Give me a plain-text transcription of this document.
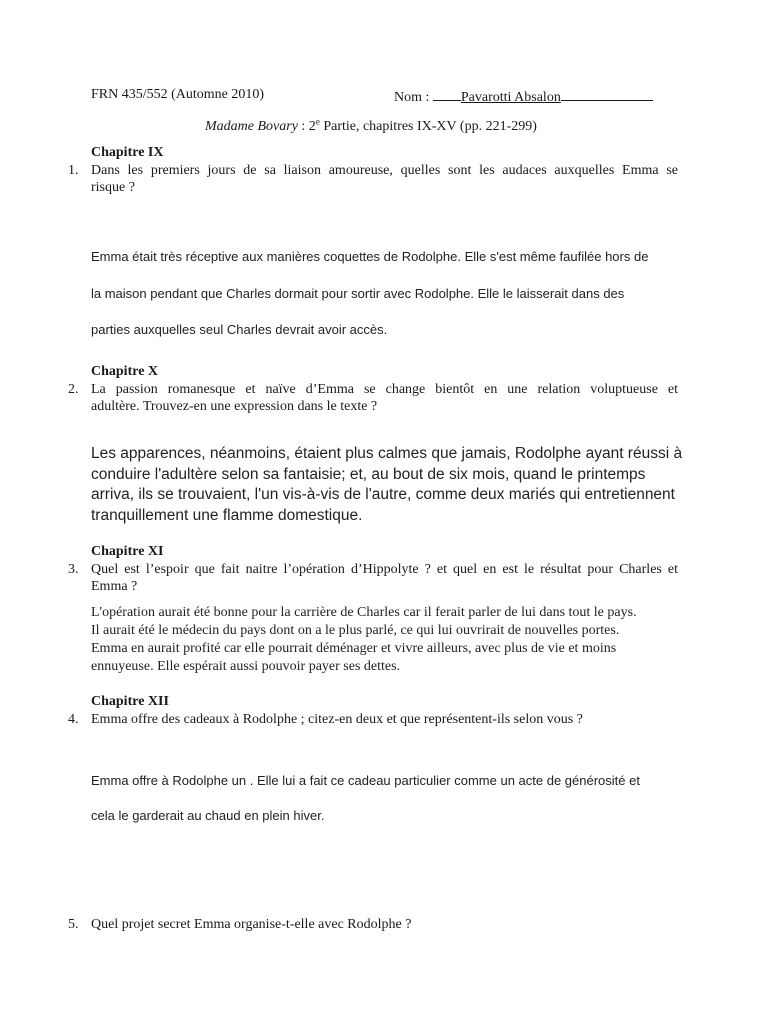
FRN 435/552 (Automne 2010)	Nom : Pavarotti Absalon
Madame Bovary : 2e Partie, chapitres IX-XV (pp. 221-299)
Chapitre IX
1. Dans les premiers jours de sa liaison amoureuse, quelles sont les audaces auxquelles Emma se
risque ?
Emma était très réceptive aux manières coquettes de Rodolphe. Elle s'est même faufilée hors de
la maison pendant que Charles dormait pour sortir avec Rodolphe. Elle le laisserait dans des
parties auxquelles seul Charles devrait avoir accès.
Chapitre X
2. La passion romanesque et naïve d’Emma se change bientôt en une relation voluptueuse et
adultère. Trouvez-en une expression dans le texte ?
Les apparences, néanmoins, étaient plus calmes que jamais, Rodolphe ayant réussi à
conduire l'adultère selon sa fantaisie; et, au bout de six mois, quand le printemps
arriva, ils se trouvaient, l'un vis-à-vis de l'autre, comme deux mariés qui entretiennent
tranquillement une flamme domestique.
Chapitre XI
3. Quel est l’espoir que fait naitre l’opération d’Hippolyte ? et quel en est le résultat pour Charles et
Emma ?
L'opération aurait été bonne pour la carrière de Charles car il ferait parler de lui dans tout le pays.
Il aurait été le médecin du pays dont on a le plus parlé, ce qui lui ouvrirait de nouvelles portes.
Emma en aurait profité car elle pourrait déménager et vivre ailleurs, avec plus de vie et moins
ennuyeuse. Elle espérait aussi pouvoir payer ses dettes.
Chapitre XII
4. Emma offre des cadeaux à Rodolphe ; citez-en deux et que représentent-ils selon vous ?
Emma offre à Rodolphe un . Elle lui a fait ce cadeau particulier comme un acte de générosité et
cela le garderait au chaud en plein hiver.
5. Quel projet secret Emma organise-t-elle avec Rodolphe ?
